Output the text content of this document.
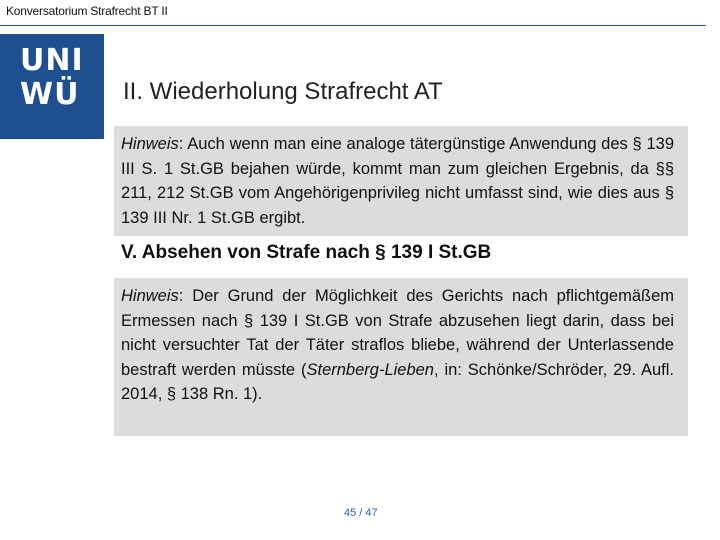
Konversatorium Strafrecht BT II
UNI
WÜ	II. Wiederholung Strafrecht AT

Hinweis: Auch wenn man eine analoge tätergünstige Anwendung des § 139 III S. 1 St.GB bejahen würde, kommt man zum gleichen Ergebnis, da §§ 211, 212 St.GB vom Angehörigenprivileg nicht umfasst sind, wie dies aus § 139 III Nr. 1 St.GB ergibt.

V. Absehen von Strafe nach § 139 I St.GB

Hinweis: Der Grund der Möglichkeit des Gerichts nach pflichtgemäßem Ermessen nach § 139 I St.GB von Strafe abzusehen liegt darin, dass bei nicht versuchter Tat der Täter straflos bliebe, während der Unterlassende bestraft werden müsste (Sternberg-Lieben, in: Schönke/Schröder, 29. Aufl. 2014, § 138 Rn. 1).

45 / 47
